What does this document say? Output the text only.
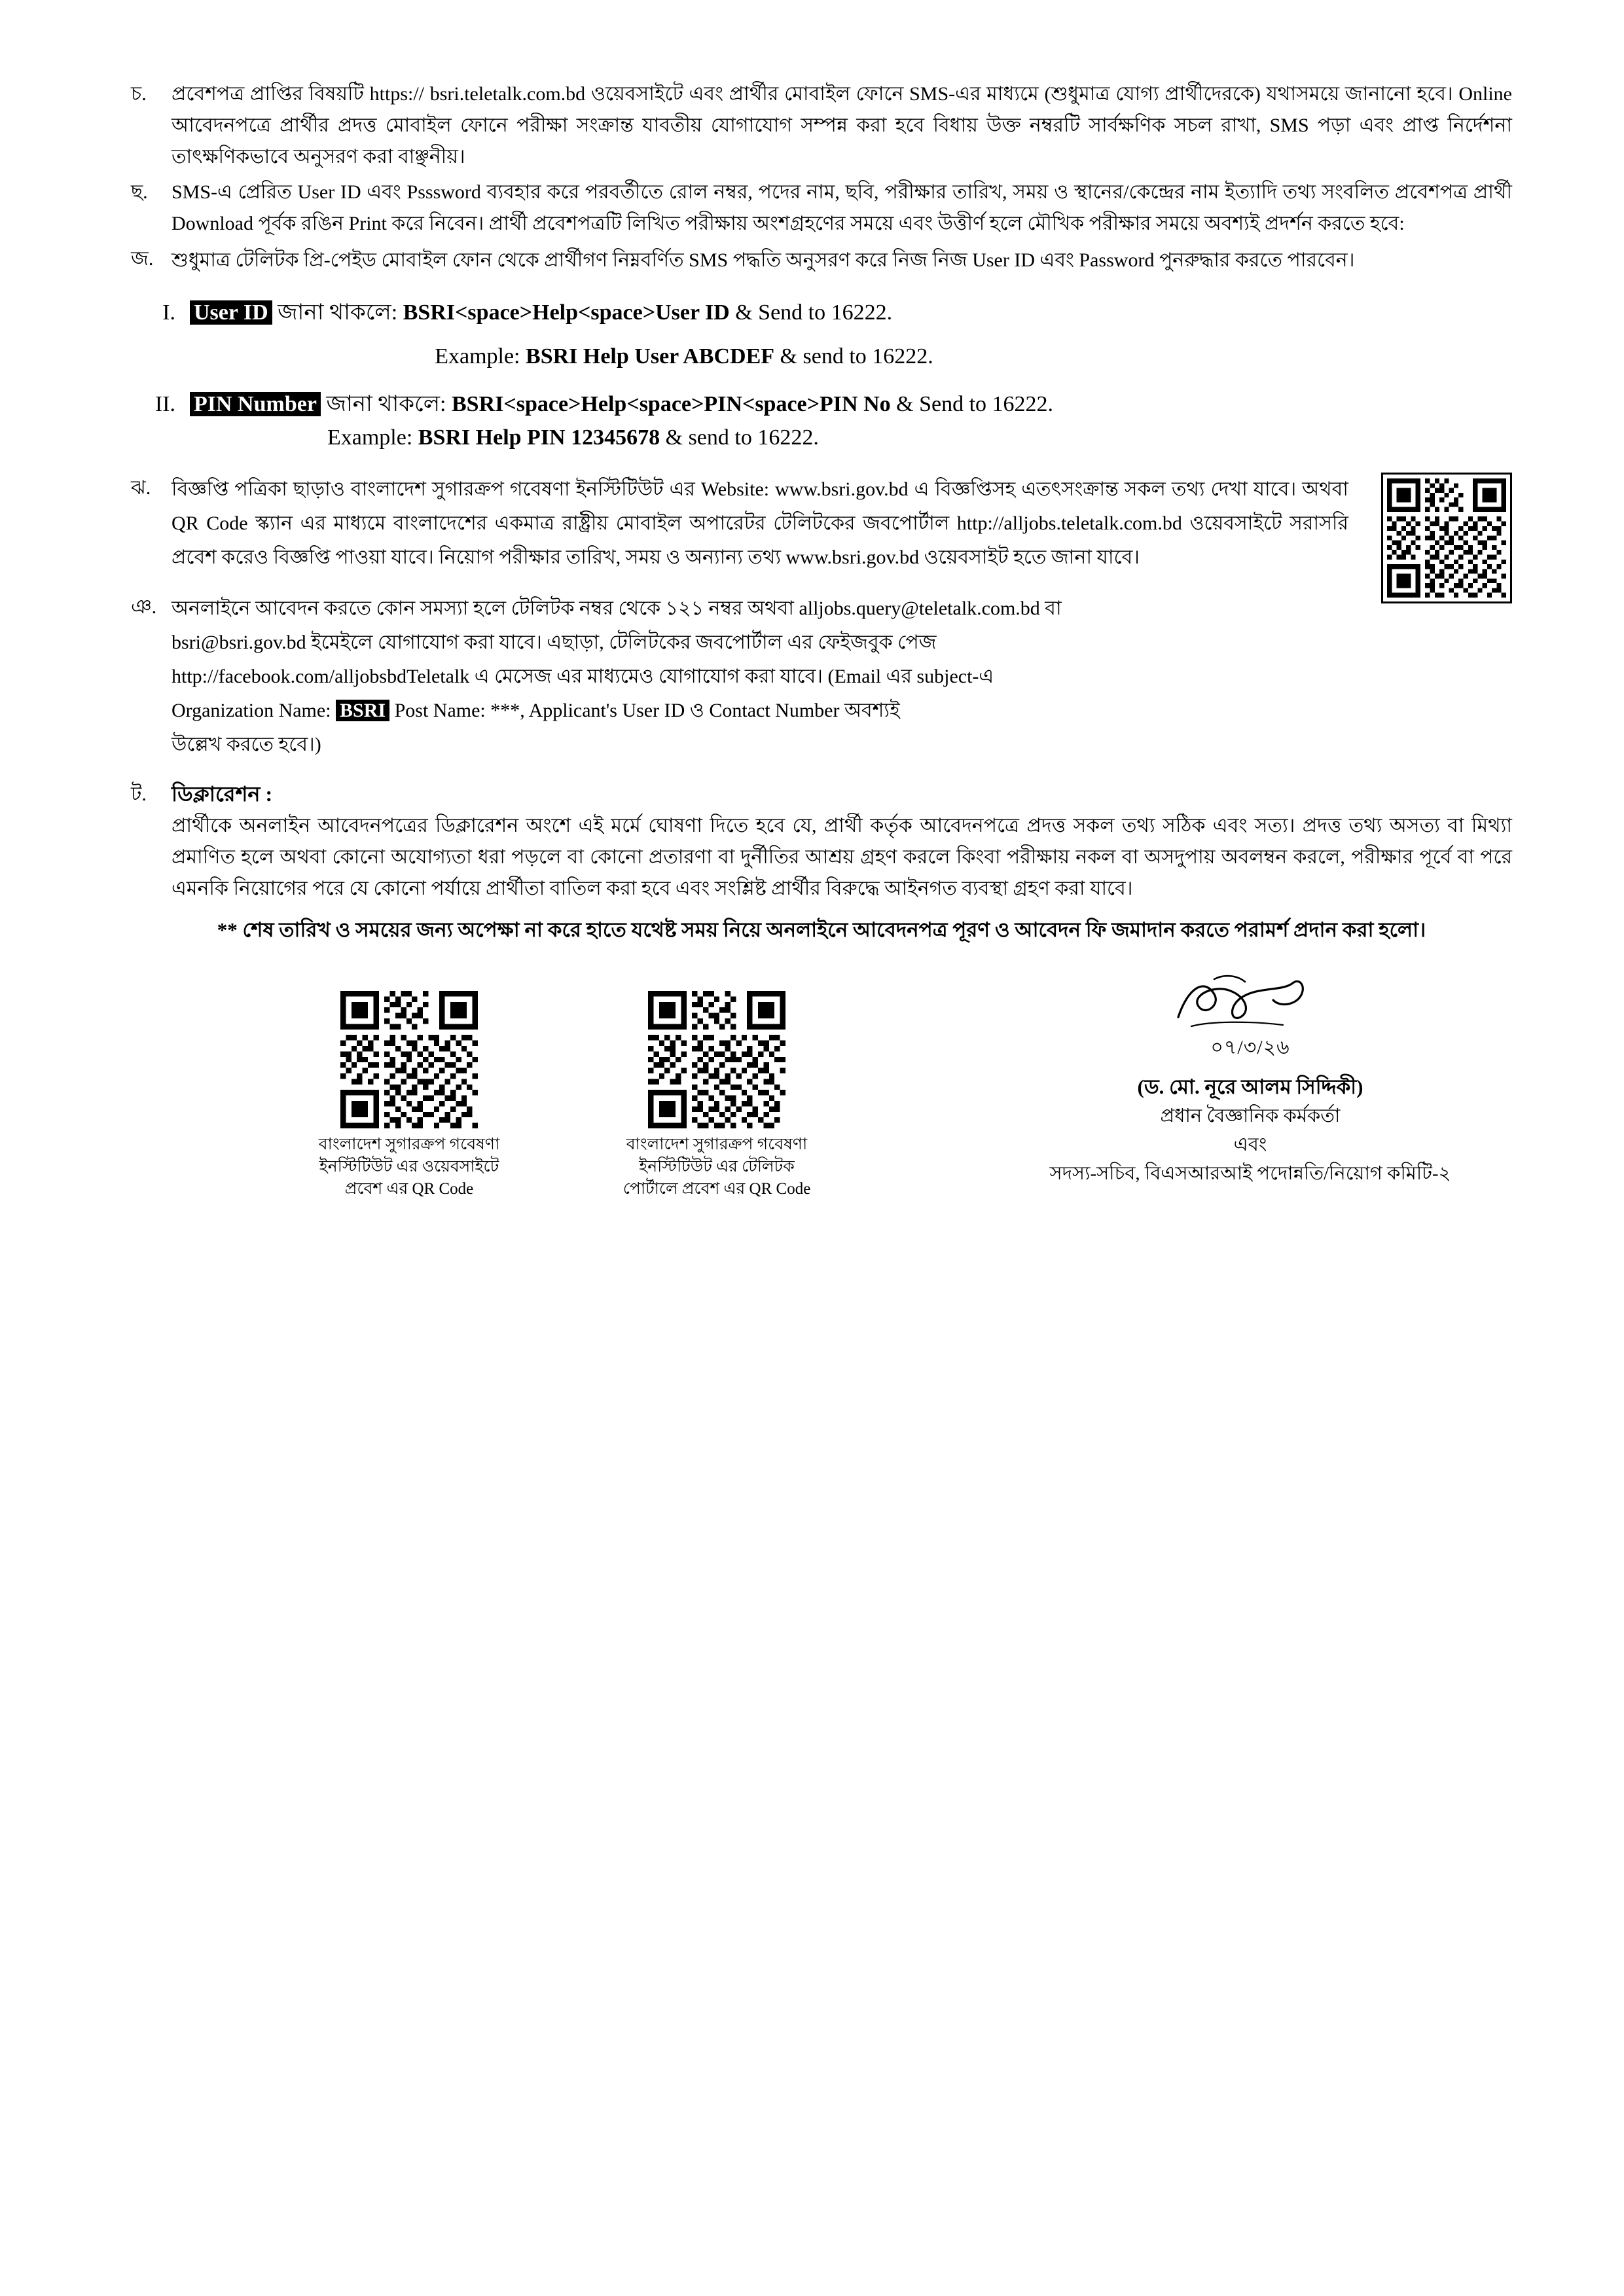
চ.	প্রবেশপত্র প্রাপ্তির বিষয়টি https:// bsri.teletalk.com.bd ওয়েবসাইটে এবং প্রার্থীর মোবাইল ফোনে SMS-এর মাধ্যমে (শুধুমাত্র যোগ্য প্রার্থীদেরকে) যথাসময়ে জানানো হবে। Online আবেদনপত্রে প্রার্থীর প্রদত্ত মোবাইল ফোনে পরীক্ষা সংক্রান্ত যাবতীয় যোগাযোগ সম্পন্ন করা হবে বিধায় উক্ত নম্বরটি সার্বক্ষণিক সচল রাখা, SMS পড়া এবং প্রাপ্ত নির্দেশনা তাৎক্ষণিকভাবে অনুসরণ করা বাঞ্ছনীয়।
ছ.	SMS-এ প্রেরিত User ID এবং Psssword ব্যবহার করে পরবর্তীতে রোল নম্বর, পদের নাম, ছবি, পরীক্ষার তারিখ, সময় ও স্থানের/কেন্দ্রের নাম ইত্যাদি তথ্য সংবলিত প্রবেশপত্র প্রার্থী Download পূর্বক রঙিন Print করে নিবেন। প্রার্থী প্রবেশপত্রটি লিখিত পরীক্ষায় অংশগ্রহণের সময়ে এবং উত্তীর্ণ হলে মৌখিক পরীক্ষার সময়ে অবশ্যই প্রদর্শন করতে হবে:
জ. শুধুমাত্র টেলিটক প্রি-পেইড মোবাইল ফোন থেকে প্রার্থীগণ নিম্নবর্ণিত SMS পদ্ধতি অনুসরণ করে নিজ নিজ User ID এবং Password পুনরুদ্ধার করতে পারবেন।
I. User ID জানা থাকলে: BSRI<space>Help<space>User ID & Send to 16222.
Example: BSRI Help User ABCDEF & send to 16222.
II. PIN Number জানা থাকলে: BSRI<space>Help<space>PIN<space>PIN No & Send to 16222.
Example: BSRI Help PIN 12345678 & send to 16222.
ঝ.	বিজ্ঞপ্তি পত্রিকা ছাড়াও বাংলাদেশ সুগারক্রপ গবেষণা ইনস্টিটিউট এর Website: www.bsri.gov.bd এ বিজ্ঞপ্তিসহ এতৎসংক্রান্ত সকল তথ্য দেখা যাবে। অথবা QR Code স্ক্যান এর মাধ্যমে বাংলাদেশের একমাত্র রাষ্ট্রীয় মোবাইল অপারেটর টেলিটকের জবপোর্টাল http://alljobs.teletalk.com.bd ওয়েবসাইটে সরাসরি প্রবেশ করেও বিজ্ঞপ্তি পাওয়া যাবে। নিয়োগ পরীক্ষার তারিখ, সময় ও অন্যান্য তথ্য www.bsri.gov.bd ওয়েবসাইট হতে জানা যাবে।
ঞ. অনলাইনে আবেদন করতে কোন সমস্যা হলে টেলিটক নম্বর থেকে ১২১ নম্বর অথবা alljobs.query@teletalk.com.bd বা
bsri@bsri.gov.bd ইমেইলে যোগাযোগ করা যাবে। এছাড়া, টেলিটকের জবপোর্টাল এর ফেইজবুক পেজ
http://facebook.com/alljobsbdTeletalk এ মেসেজ এর মাধ্যমেও যোগাযোগ করা যাবে। (Email এর subject-এ
Organization Name: BSRI Post Name: ***, Applicant's User ID ও Contact Number অবশ্যই
উল্লেখ করতে হবে।)
ট.	ডিক্লারেশন :
প্রার্থীকে অনলাইন আবেদনপত্রের ডিক্লারেশন অংশে এই মর্মে ঘোষণা দিতে হবে যে, প্রার্থী কর্তৃক আবেদনপত্রে প্রদত্ত সকল তথ্য সঠিক এবং সত্য। প্রদত্ত তথ্য অসত্য বা মিথ্যা প্রমাণিত হলে অথবা কোনো অযোগ্যতা ধরা পড়লে বা কোনো প্রতারণা বা দুর্নীতির আশ্রয় গ্রহণ করলে কিংবা পরীক্ষায় নকল বা অসদুপায় অবলম্বন করলে, পরীক্ষার পূর্বে বা পরে এমনকি নিয়োগের পরে যে কোনো পর্যায়ে প্রার্থীতা বাতিল করা হবে এবং সংশ্লিষ্ট প্রার্থীর বিরুদ্ধে আইনগত ব্যবস্থা গ্রহণ করা যাবে।
** শেষ তারিখ ও সময়ের জন্য অপেক্ষা না করে হাতে যথেষ্ট সময় নিয়ে অনলাইনে আবেদনপত্র পূরণ ও আবেদন ফি জমাদান করতে পরামর্শ প্রদান করা হলো।
বাংলাদেশ সুগারক্রপ গবেষণা
ইনস্টিটিউট এর ওয়েবসাইটে
প্রবেশ এর QR Code
বাংলাদেশ সুগারক্রপ গবেষণা
ইনস্টিটিউট এর টেলিটক
পোর্টালে প্রবেশ এর QR Code
০৭/৩/২৬
(ড. মো. নূরে আলম সিদ্দিকী)
প্রধান বৈজ্ঞানিক কর্মকর্তা
এবং
সদস্য-সচিব, বিএসআরআই পদোন্নতি/নিয়োগ কমিটি-২
